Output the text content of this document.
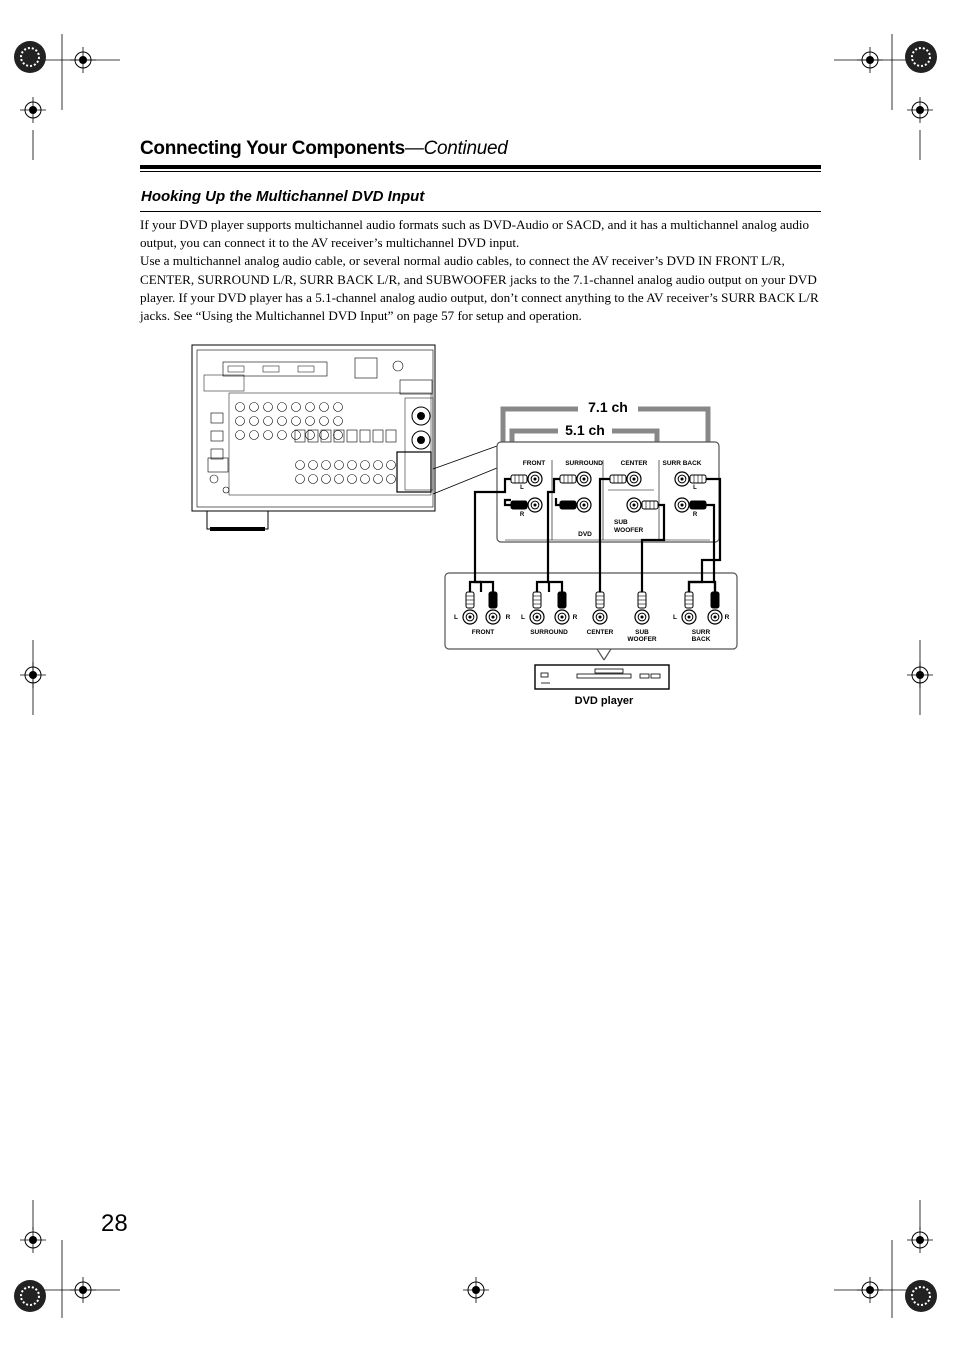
Connecting Your Components—Continued
Hooking Up the Multichannel DVD Input

If your DVD player supports multichannel audio formats such as DVD-Audio or SACD, and it has a multichannel analog audio output, you can connect it to the AV receiver’s multichannel DVD input.

Use a multichannel analog audio cable, or several normal audio cables, to connect the AV receiver’s DVD IN FRONT L/R, CENTER, SURROUND L/R, SURR BACK L/R, and SUBWOOFER jacks to the 7.1-channel analog audio output on your DVD player. If your DVD player has a 5.1-channel analog audio output, don’t connect anything to the AV receiver’s SURR BACK L/R jacks. See “Using the Multichannel DVD Input” on page 57 for setup and operation.

7.1 ch
5.1 ch
FRONT	SURROUND	CENTER SURR BACK
L
R
L
R
SUB
WOOFER
DVD
L	R L	R	L	R
FRONT	SURROUND	CENTER	SUB
WOOFER
SURR
BACK
DVD player
28
